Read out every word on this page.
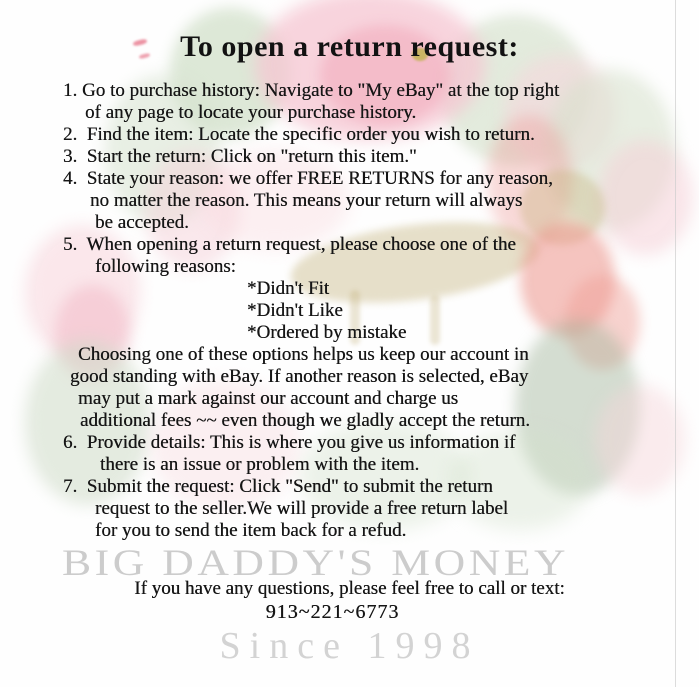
BIG DADDY'S MONEY
Since 1998
To open a return request:
1. Go to purchase history: Navigate to "My eBay" at the top right
of any page to locate your purchase history.
2.  Find the item: Locate the specific order you wish to return.
3.  Start the return: Click on "return this item."
4.  State your reason: we offer FREE RETURNS for any reason,
no matter the reason. This means your return will always
be accepted.
5.  When opening a return request, please choose one of the
following reasons:
*Didn't Fit
*Didn't Like
*Ordered by mistake
Choosing one of these options helps us keep our account in
good standing with eBay. If another reason is selected, eBay
may put a mark against our account and charge us
additional fees ~~ even though we gladly accept the return.
6.  Provide details: This is where you give us information if
there is an issue or problem with the item.
7.  Submit the request: Click "Send" to submit the return
request to the seller.We will provide a free return label
for you to send the item back for a refud.
If you have any questions, please feel free to call or text:
913~221~6773
